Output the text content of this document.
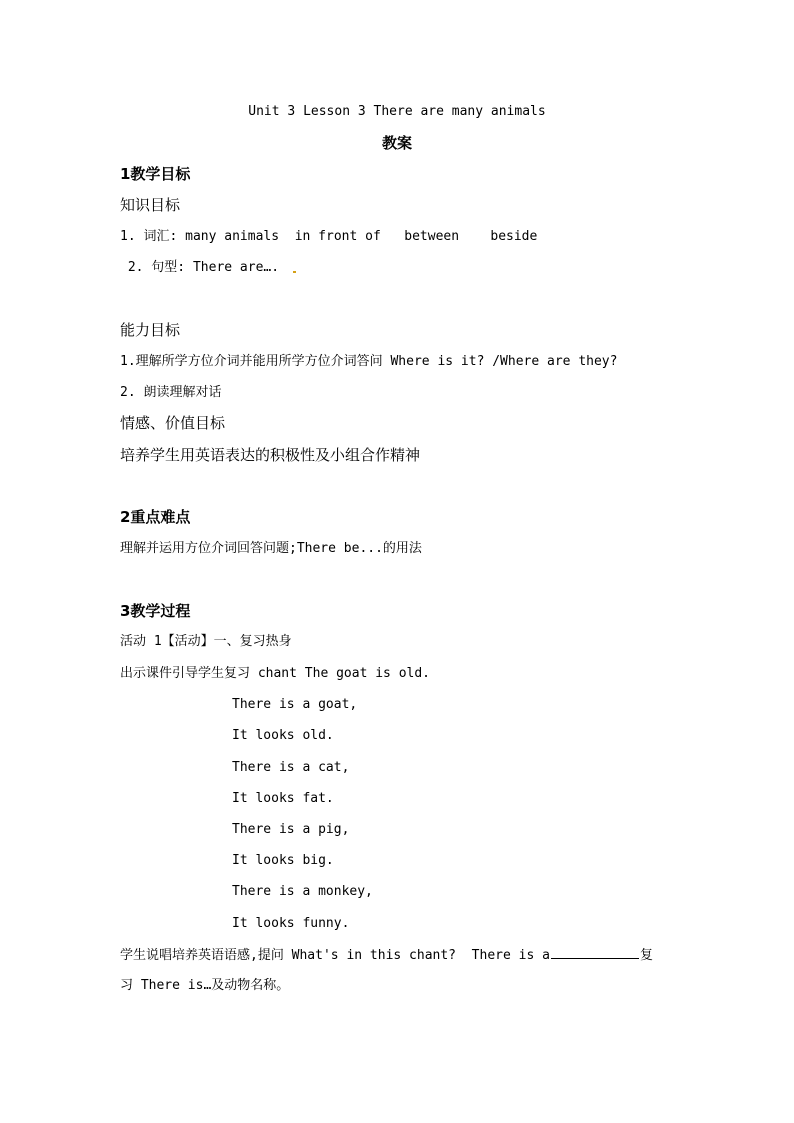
Unit 3 Lesson 3 There are many animals
教案
1教学目标
知识目标
1. 词汇: many animals  in front of   between    beside
2. 句型: There are….
能力目标
1.理解所学方位介词并能用所学方位介词答问 Where is it? /Where are they?
2. 朗读理解对话
情感、价值目标
培养学生用英语表达的积极性及小组合作精神
2重点难点
理解并运用方位介词回答问题;There be...的用法
3教学过程
活动 1【活动】一、复习热身
出示课件引导学生复习 chant The goat is old.
There is a goat,
It looks old.
There is a cat,
It looks fat.
There is a pig,
It looks big.
There is a monkey,
It looks funny.
学生说唱培养英语语感,提问 What's in this chant?  There is a	复
习 There is…及动物名称。
